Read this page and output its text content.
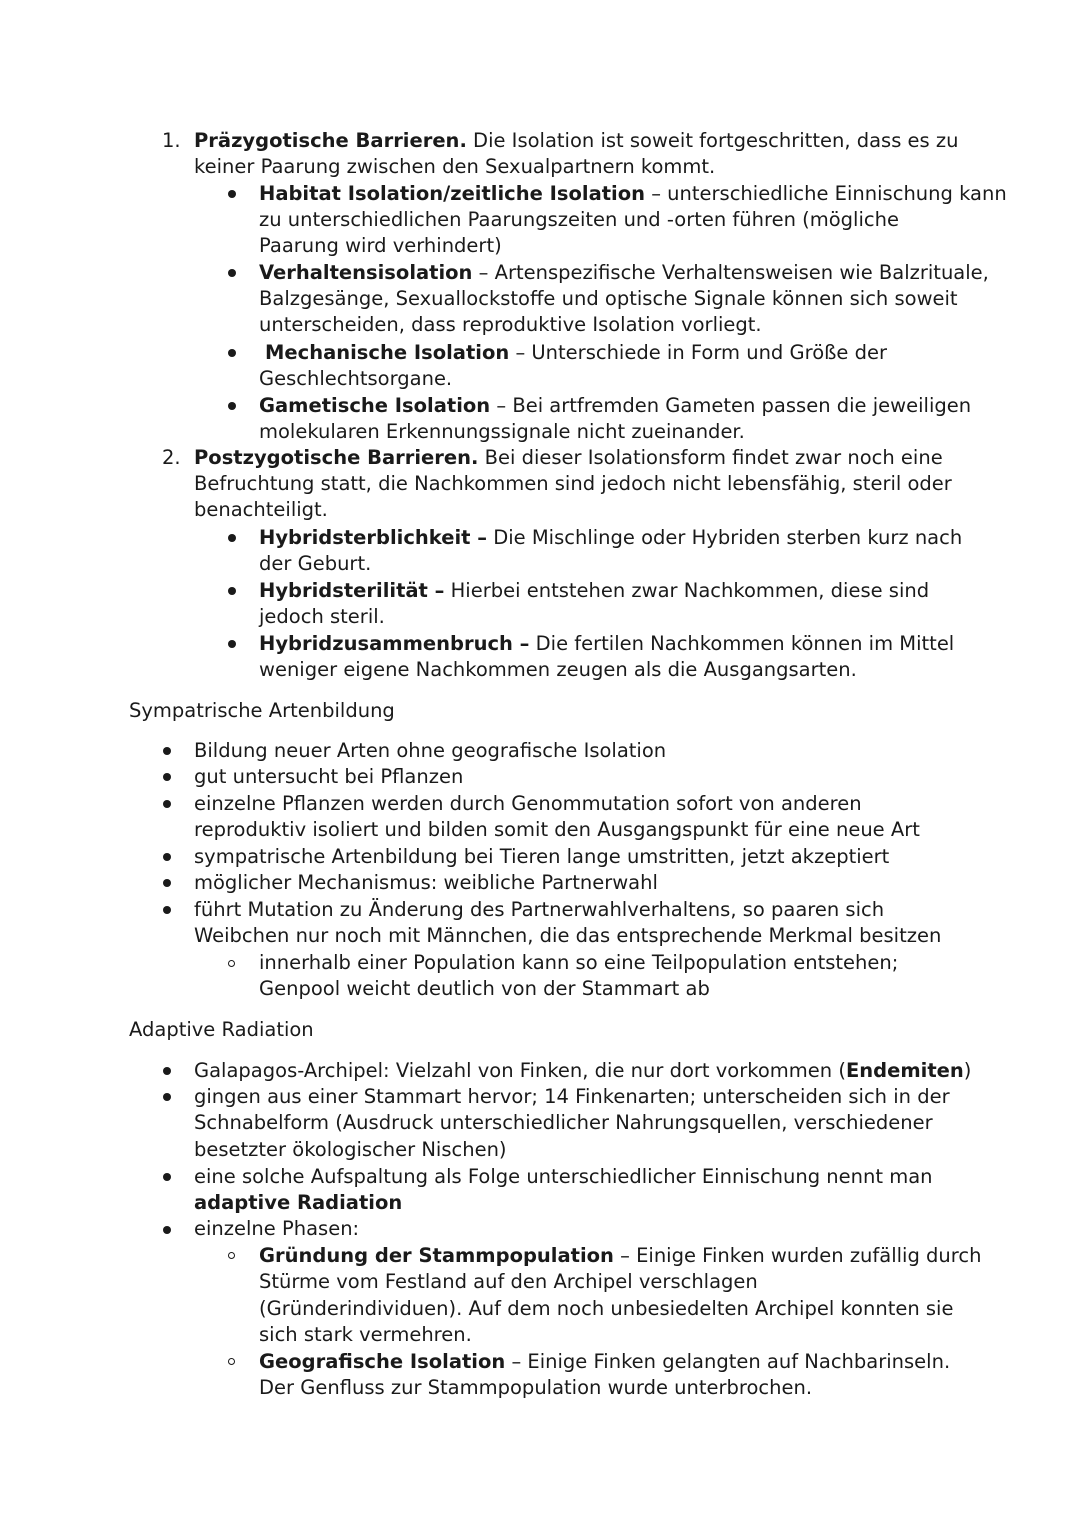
1. Präzygotische Barrieren. Die Isolation ist soweit fortgeschritten, dass es zu
keiner Paarung zwischen den Sexualpartnern kommt.
Habitat Isolation/zeitliche Isolation – unterschiedliche Einnischung kann
zu unterschiedlichen Paarungszeiten und -orten führen (mögliche
Paarung wird verhindert)
Verhaltensisolation – Artenspezifische Verhaltensweisen wie Balzrituale,
Balzgesänge, Sexuallockstoffe und optische Signale können sich soweit
unterscheiden, dass reproduktive Isolation vorliegt.
Mechanische Isolation – Unterschiede in Form und Größe der
Geschlechtsorgane.
Gametische Isolation – Bei artfremden Gameten passen die jeweiligen
molekularen Erkennungssignale nicht zueinander.
2. Postzygotische Barrieren. Bei dieser Isolationsform findet zwar noch eine
Befruchtung statt, die Nachkommen sind jedoch nicht lebensfähig, steril oder
benachteiligt.
Hybridsterblichkeit – Die Mischlinge oder Hybriden sterben kurz nach
der Geburt.
Hybridsterilität – Hierbei entstehen zwar Nachkommen, diese sind
jedoch steril.
Hybridzusammenbruch – Die fertilen Nachkommen können im Mittel
weniger eigene Nachkommen zeugen als die Ausgangsarten.
Sympatrische Artenbildung
Bildung neuer Arten ohne geografische Isolation
gut untersucht bei Pflanzen
einzelne Pflanzen werden durch Genommutation sofort von anderen
reproduktiv isoliert und bilden somit den Ausgangspunkt für eine neue Art
sympatrische Artenbildung bei Tieren lange umstritten, jetzt akzeptiert
möglicher Mechanismus: weibliche Partnerwahl
führt Mutation zu Änderung des Partnerwahlverhaltens, so paaren sich
Weibchen nur noch mit Männchen, die das entsprechende Merkmal besitzen
innerhalb einer Population kann so eine Teilpopulation entstehen;
Genpool weicht deutlich von der Stammart ab
Adaptive Radiation
Galapagos-Archipel: Vielzahl von Finken, die nur dort vorkommen (Endemiten)
gingen aus einer Stammart hervor; 14 Finkenarten; unterscheiden sich in der
Schnabelform (Ausdruck unterschiedlicher Nahrungsquellen, verschiedener
besetzter ökologischer Nischen)
eine solche Aufspaltung als Folge unterschiedlicher Einnischung nennt man
adaptive Radiation
einzelne Phasen:
Gründung der Stammpopulation – Einige Finken wurden zufällig durch
Stürme vom Festland auf den Archipel verschlagen
(Gründerindividuen). Auf dem noch unbesiedelten Archipel konnten sie
sich stark vermehren.
Geografische Isolation – Einige Finken gelangten auf Nachbarinseln.
Der Genfluss zur Stammpopulation wurde unterbrochen.
